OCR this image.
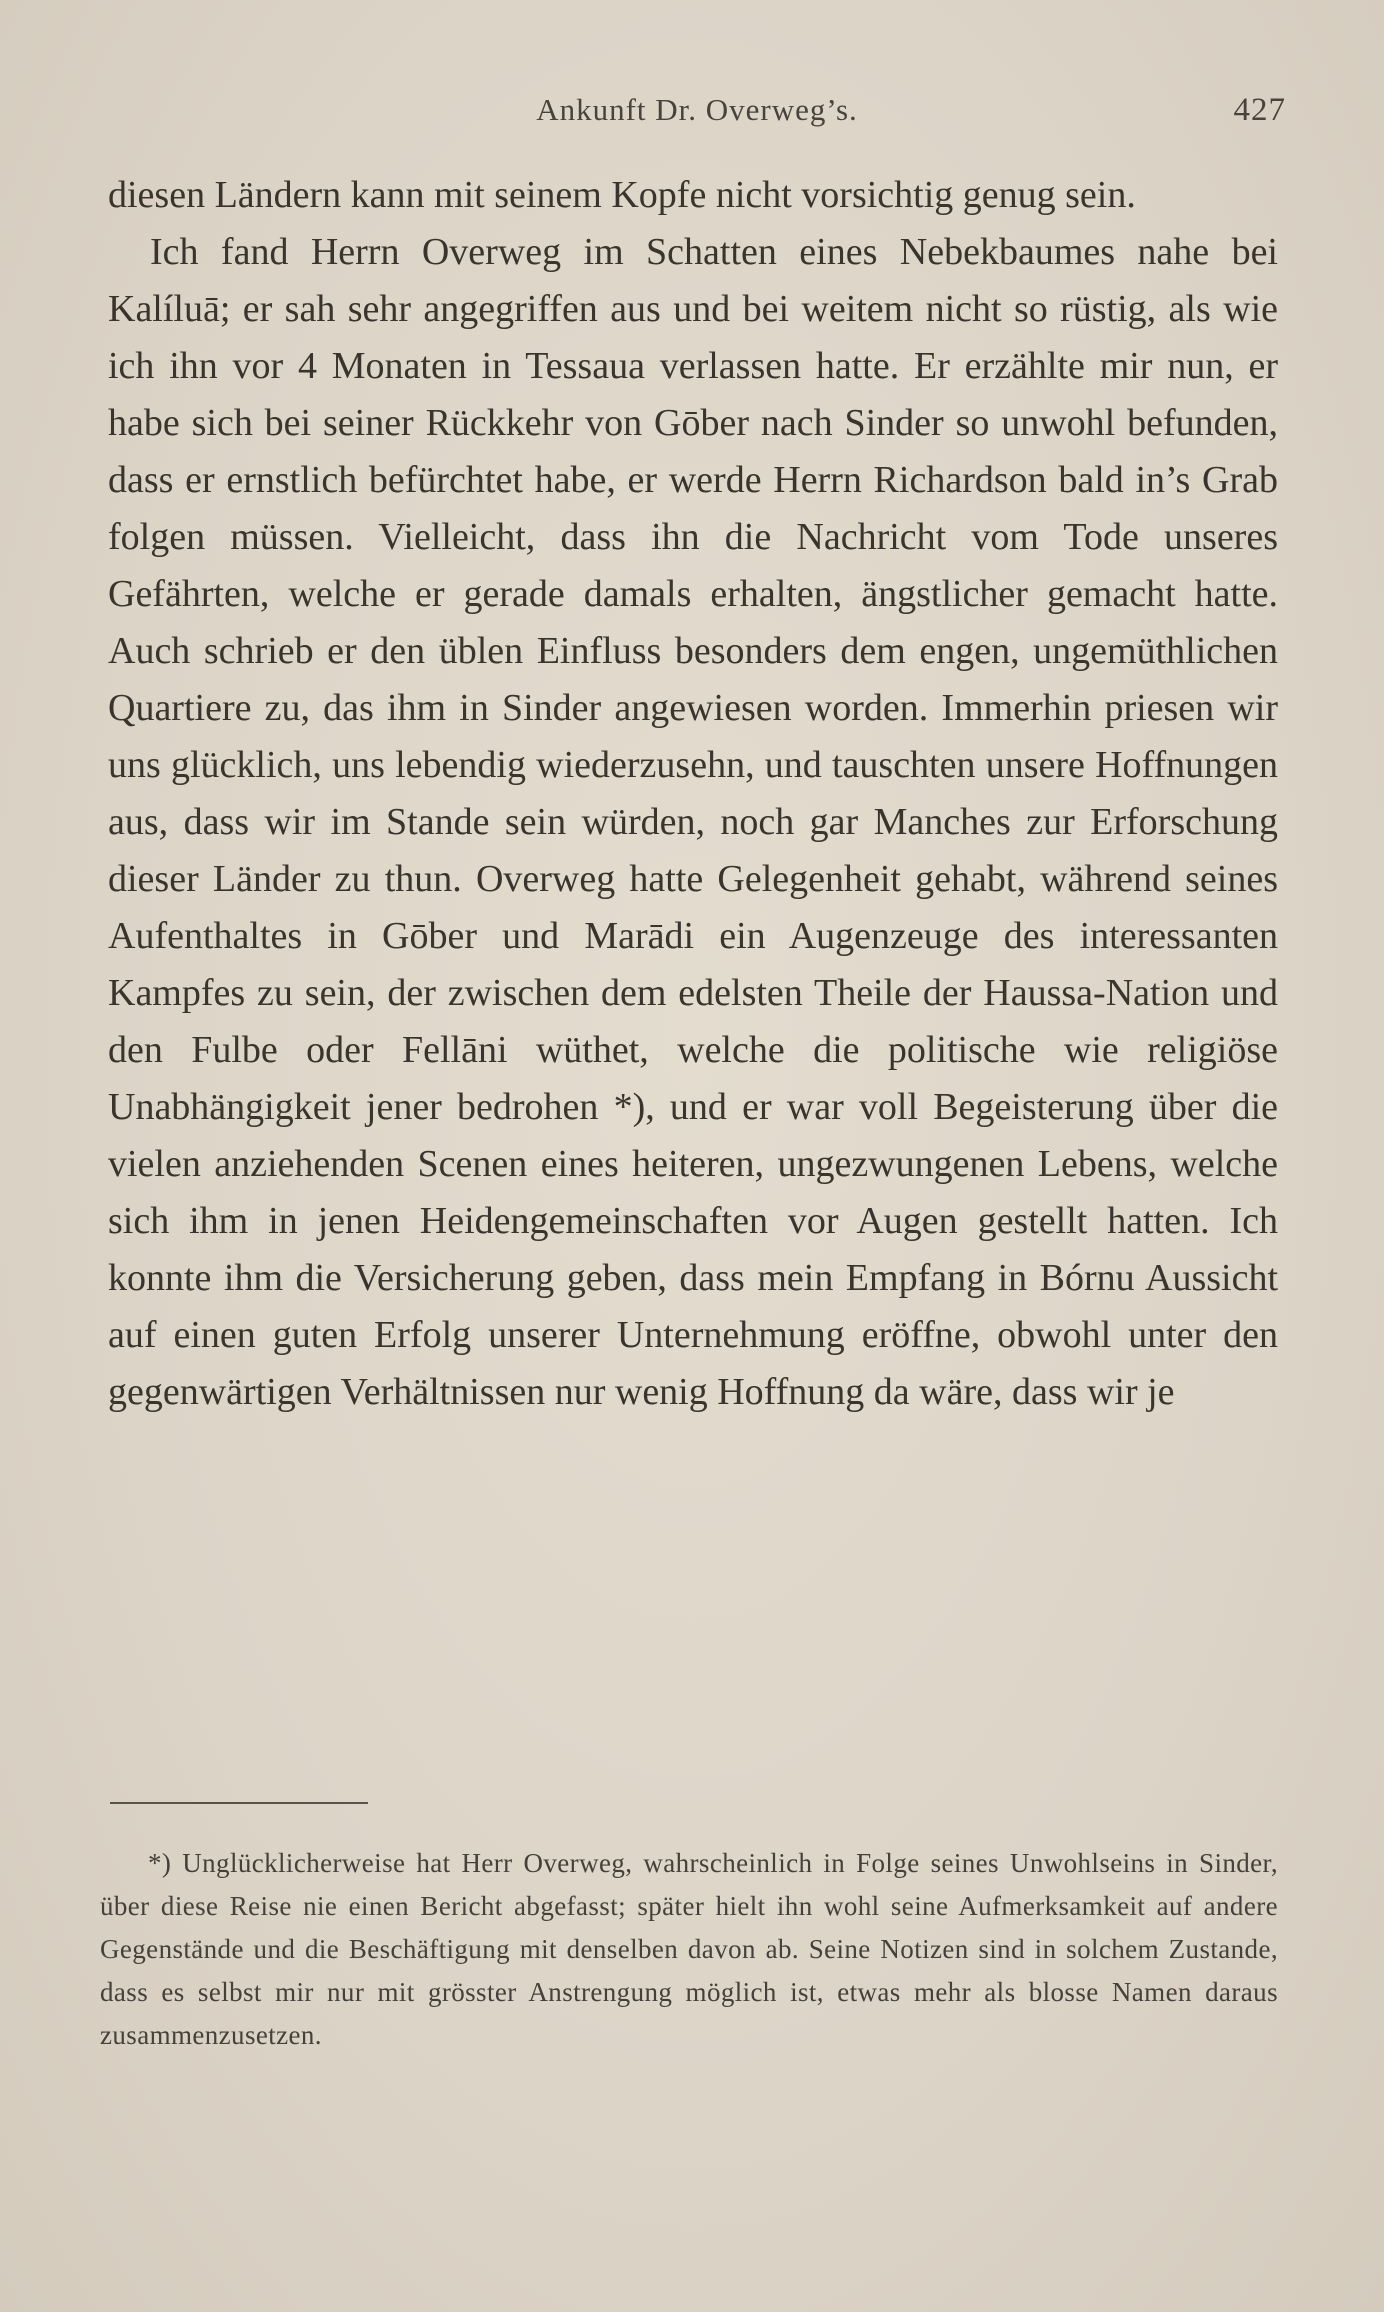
Ankunft Dr. Overweg’s.	427

diesen Ländern kann mit seinem Kopfe nicht vorsichtig genug sein.

Ich fand Herrn Overweg im Schatten eines Nebekbaumes nahe bei Kalíluā; er sah sehr angegriffen aus und bei weitem nicht so rüstig, als wie ich ihn vor 4 Monaten in Tessaua verlassen hatte. Er erzählte mir nun, er habe sich bei seiner Rückkehr von Gōber nach Sinder so unwohl befunden, dass er ernstlich befürchtet habe, er werde Herrn Richardson bald in’s Grab folgen müssen. Vielleicht, dass ihn die Nachricht vom Tode unseres Gefährten, welche er gerade damals erhalten, ängstlicher gemacht hatte. Auch schrieb er den üblen Einfluss besonders dem engen, ungemüthlichen Quartiere zu, das ihm in Sinder angewiesen worden. Immerhin priesen wir uns glücklich, uns lebendig wiederzusehn, und tauschten unsere Hoffnungen aus, dass wir im Stande sein würden, noch gar Manches zur Erforschung dieser Länder zu thun. Overweg hatte Gelegenheit gehabt, während seines Aufenthaltes in Gōber und Marādi ein Augenzeuge des interessanten Kampfes zu sein, der zwischen dem edelsten Theile der Haussa-Nation und den Fulbe oder Fellāni wüthet, welche die politische wie religiöse Unabhängigkeit jener bedrohen *), und er war voll Begeisterung über die vielen anziehenden Scenen eines heiteren, ungezwungenen Lebens, welche sich ihm in jenen Heidengemeinschaften vor Augen gestellt hatten. Ich konnte ihm die Versicherung geben, dass mein Empfang in Bórnu Aussicht auf einen guten Erfolg unserer Unternehmung eröffne, obwohl unter den gegenwärtigen Verhältnissen nur wenig Hoffnung da wäre, dass wir je

*) Unglücklicherweise hat Herr Overweg, wahrscheinlich in Folge seines Unwohlseins in Sinder, über diese Reise nie einen Bericht abgefasst; später hielt ihn wohl seine Aufmerksamkeit auf andere Gegenstände und die Beschäftigung mit denselben davon ab. Seine Notizen sind in solchem Zustande, dass es selbst mir nur mit grösster Anstrengung möglich ist, etwas mehr als blosse Namen daraus zusammenzusetzen.
